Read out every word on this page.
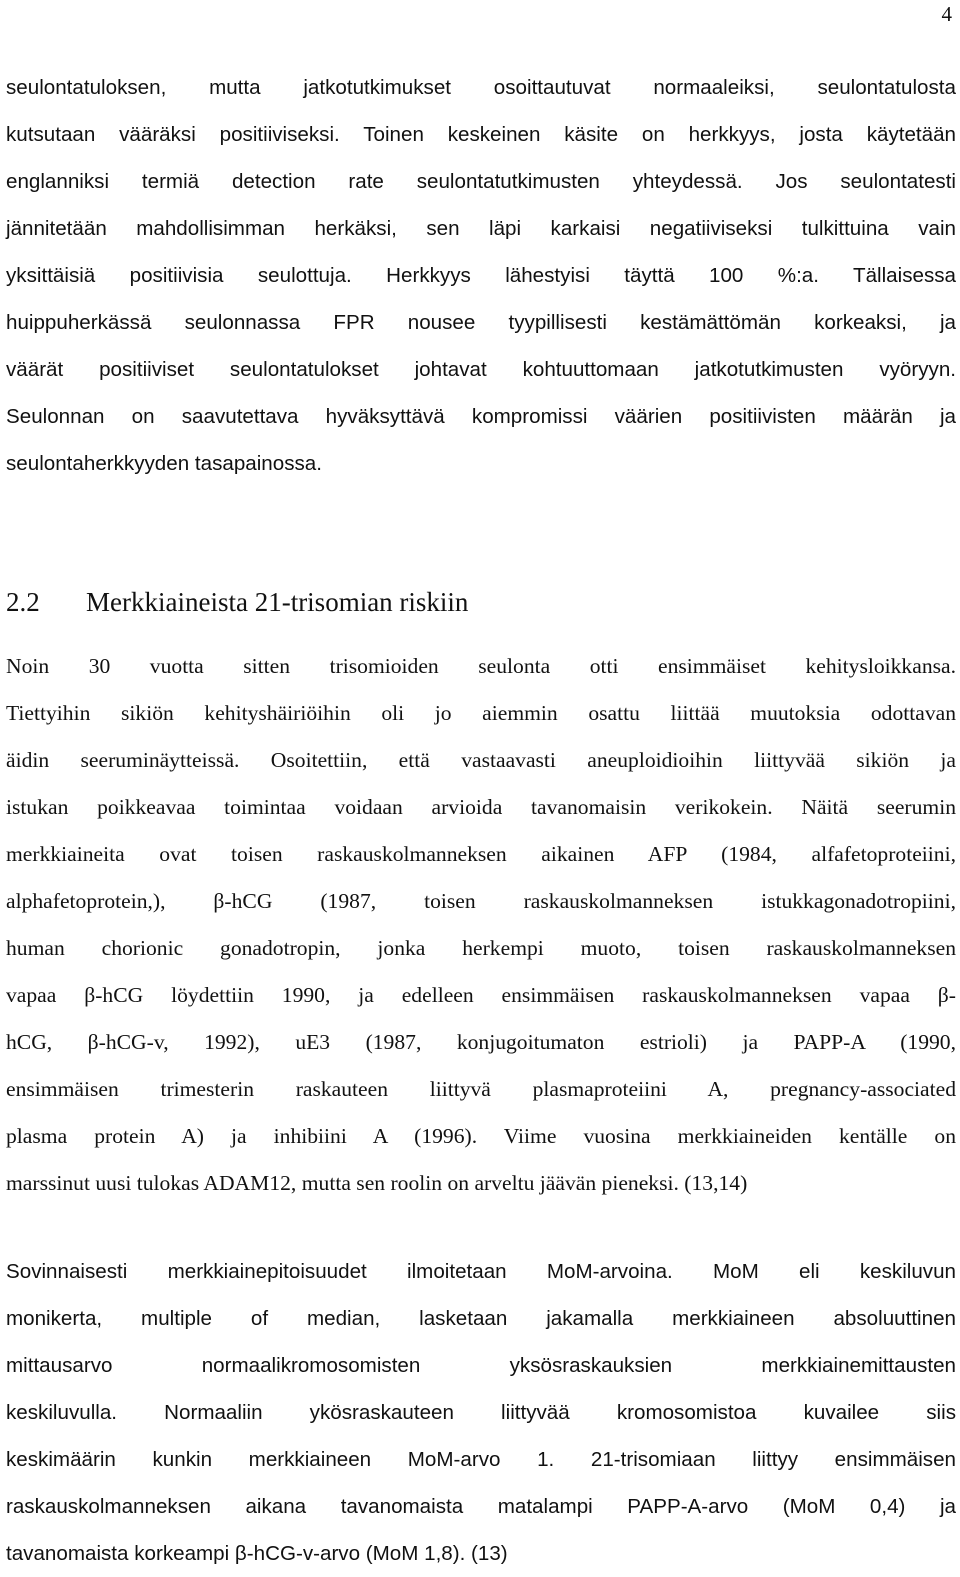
4
seulontatuloksen, mutta jatkotutkimukset osoittautuvat normaaleiksi, seulontatulosta
kutsutaan vääräksi positiiviseksi. Toinen keskeinen käsite on herkkyys, josta käytetään
englanniksi termiä detection rate seulontatutkimusten yhteydessä. Jos seulontatesti
jännitetään mahdollisimman herkäksi, sen läpi karkaisi negatiiviseksi tulkittuina vain
yksittäisiä positiivisia seulottuja. Herkkyys lähestyisi täyttä 100 %:a. Tällaisessa
huippuherkässä seulonnassa FPR nousee tyypillisesti kestämättömän korkeaksi, ja
väärät positiiviset seulontatulokset johtavat kohtuuttomaan jatkotutkimusten vyöryyn.
Seulonnan on saavutettava hyväksyttävä kompromissi väärien positiivisten määrän ja
seulontaherkkyyden tasapainossa.
2.2 Merkkiaineista 21-trisomian riskiin
Noin 30 vuotta sitten trisomioiden seulonta otti ensimmäiset kehitysloikkansa.
Tiettyihin sikiön kehityshäiriöihin oli jo aiemmin osattu liittää muutoksia odottavan
äidin seeruminäytteissä. Osoitettiin, että vastaavasti aneuploidioihin liittyvää sikiön ja
istukan poikkeavaa toimintaa voidaan arvioida tavanomaisin verikokein. Näitä seerumin
merkkiaineita ovat toisen raskauskolmanneksen aikainen AFP (1984, alfafetoproteiini,
alphafetoprotein,), β-hCG (1987, toisen raskauskolmanneksen istukkagonadotropiini,
human chorionic gonadotropin, jonka herkempi muoto, toisen raskauskolmanneksen
vapaa β-hCG löydettiin 1990, ja edelleen ensimmäisen raskauskolmanneksen vapaa β-
hCG, β-hCG-v, 1992), uE3 (1987, konjugoitumaton estrioli) ja PAPP-A (1990,
ensimmäisen trimesterin raskauteen liittyvä plasmaproteiini A, pregnancy-associated
plasma protein A) ja inhibiini A (1996). Viime vuosina merkkiaineiden kentälle on
marssinut uusi tulokas ADAM12, mutta sen roolin on arveltu jäävän pieneksi. (13,14)
Sovinnaisesti merkkiainepitoisuudet ilmoitetaan MoM-arvoina. MoM eli keskiluvun
monikerta, multiple of median, lasketaan jakamalla merkkiaineen absoluuttinen
mittausarvo normaalikromosomisten yksösraskauksien merkkiainemittausten
keskiluvulla. Normaaliin ykösraskauteen liittyvää kromosomistoa kuvailee siis
keskimäärin kunkin merkkiaineen MoM-arvo 1. 21-trisomiaan liittyy ensimmäisen
raskauskolmanneksen aikana tavanomaista matalampi PAPP-A-arvo (MoM 0,4) ja
tavanomaista korkeampi β-hCG-v-arvo (MoM 1,8). (13)
